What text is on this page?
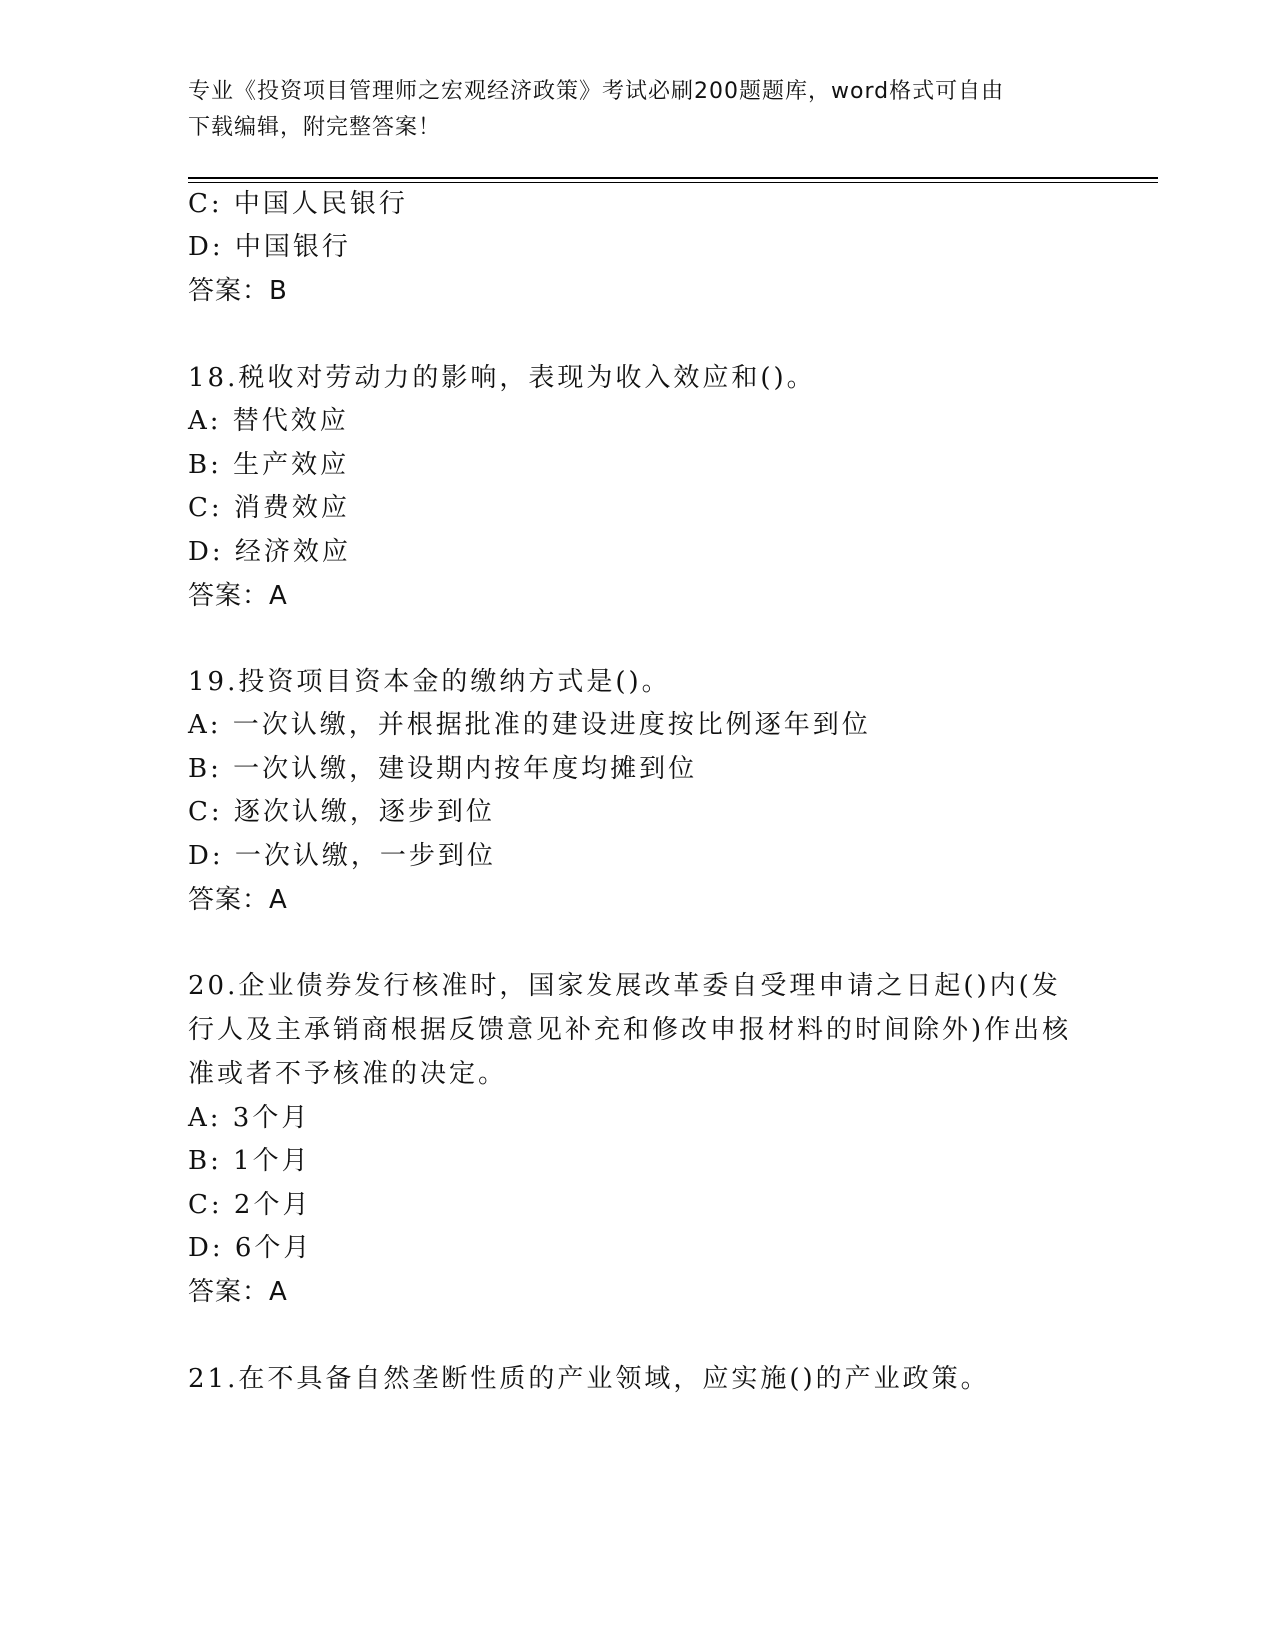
专业《投资项目管理师之宏观经济政策》考试必刷200题题库，word格式可自由
下载编辑，附完整答案！
C: 中国人民银行
D: 中国银行
答案：B
18.税收对劳动力的影响，表现为收入效应和()。
A: 替代效应
B: 生产效应
C: 消费效应
D: 经济效应
答案：A
19.投资项目资本金的缴纳方式是()。
A: 一次认缴，并根据批准的建设进度按比例逐年到位
B: 一次认缴，建设期内按年度均摊到位
C: 逐次认缴，逐步到位
D: 一次认缴，一步到位
答案：A
20.企业债券发行核准时，国家发展改革委自受理申请之日起()内(发
行人及主承销商根据反馈意见补充和修改申报材料的时间除外)作出核
准或者不予核准的决定。
A: 3个月
B: 1个月
C: 2个月
D: 6个月
答案：A
21.在不具备自然垄断性质的产业领域，应实施()的产业政策。
